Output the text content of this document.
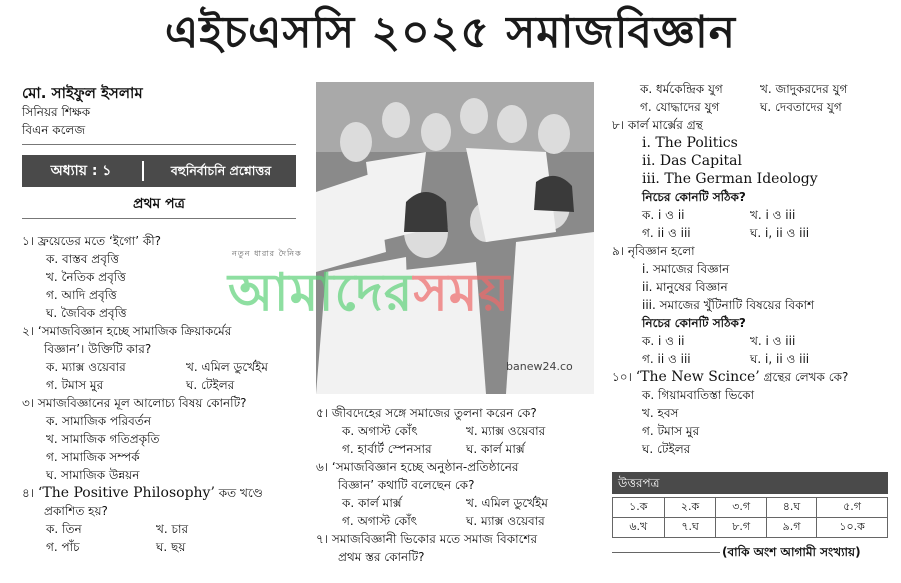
এইচএসসি ২০২৫ সমাজবিজ্ঞান
মো. সাইফুল ইসলাম
সিনিয়র শিক্ষক
বিএন কলেজ
অধ্যায় : ১	বহুনির্বাচনি প্রশ্নোত্তর
প্রথম পত্র
১। ফ্রয়েডের মতে ‘ইগো’ কী?
ক. বাস্তব প্রবৃত্তি
খ. নৈতিক প্রবৃত্তি
গ. আদি প্রবৃত্তি
ঘ. জৈবিক প্রবৃত্তি
২। ‘সমাজবিজ্ঞান হচ্ছে সামাজিক ক্রিয়াকর্মের
বিজ্ঞান’। উক্তিটি কার?
ক. ম্যাক্স ওয়েবার	খ. এমিল ডুর্খেইম
গ. টমাস মুর	ঘ. টেইলর
৩। সমাজবিজ্ঞানের মূল আলোচ্য বিষয় কোনটি?
ক. সামাজিক পরিবর্তন
খ. সামাজিক গতিপ্রকৃতি
গ. সামাজিক সম্পর্ক
ঘ. সামাজিক উন্নয়ন
৪। ‘The Positive Philosophy’ কত খণ্ডে
প্রকাশিত হয়?
ক. তিন	খ. চার
গ. পাঁচ	ঘ. ছয়
banew24.co
৫। জীবদেহের সঙ্গে সমাজের তুলনা করেন কে?
ক. অগাস্ট কোঁৎ	খ. ম্যাক্স ওয়েবার
গ. হার্বার্ট স্পেনসার	ঘ. কার্ল মার্ক্স
৬। ‘সমাজবিজ্ঞান হচ্ছে অনুষ্ঠান-প্রতিষ্ঠানের
বিজ্ঞান’ কথাটি বলেছেন কে?
ক. কার্ল মার্ক্স	খ. এমিল ডুর্খেইম
গ. অগাস্ট কোঁৎ	ঘ. ম্যাক্স ওয়েবার
৭। সমাজবিজ্ঞানী ভিকোর মতে সমাজ বিকাশের
প্রথম স্তর কোনটি?
ক. ধর্মকেন্দ্রিক যুগ	খ. জাদুকরদের যুগ
গ. যোদ্ধাদের যুগ	ঘ. দেবতাদের যুগ
৮। কার্ল মার্ক্সের গ্রন্থ
i. The Politics
ii. Das Capital
iii. The German Ideology
নিচের কোনটি সঠিক?
ক. i ও ii	খ. i ও iii
গ. ii ও iii	ঘ. i, ii ও iii
৯। নৃবিজ্ঞান হলো
i. সমাজের বিজ্ঞান
ii. মানুষের বিজ্ঞান
iii. সমাজের খুঁটিনাটি বিষয়ের বিকাশ
নিচের কোনটি সঠিক?
ক. i ও ii	খ. i ও iii
গ. ii ও iii	ঘ. i, ii ও iii
১০। ‘The New Scince’ গ্রন্থের লেখক কে?
ক. গিয়ামবাতিস্তা ভিকো
খ. হবস
গ. টমাস মুর
ঘ. টেইলর
নতুন ধারার দৈনিক
আমাদেরসময়
উত্তরপত্র
১.ক	২.ক	৩.গ	৪.ঘ	৫.গ
৬.খ	৭.ঘ	৮.গ	৯.গ	১০.ক
(বাকি অংশ আগামী সংখ্যায়)
